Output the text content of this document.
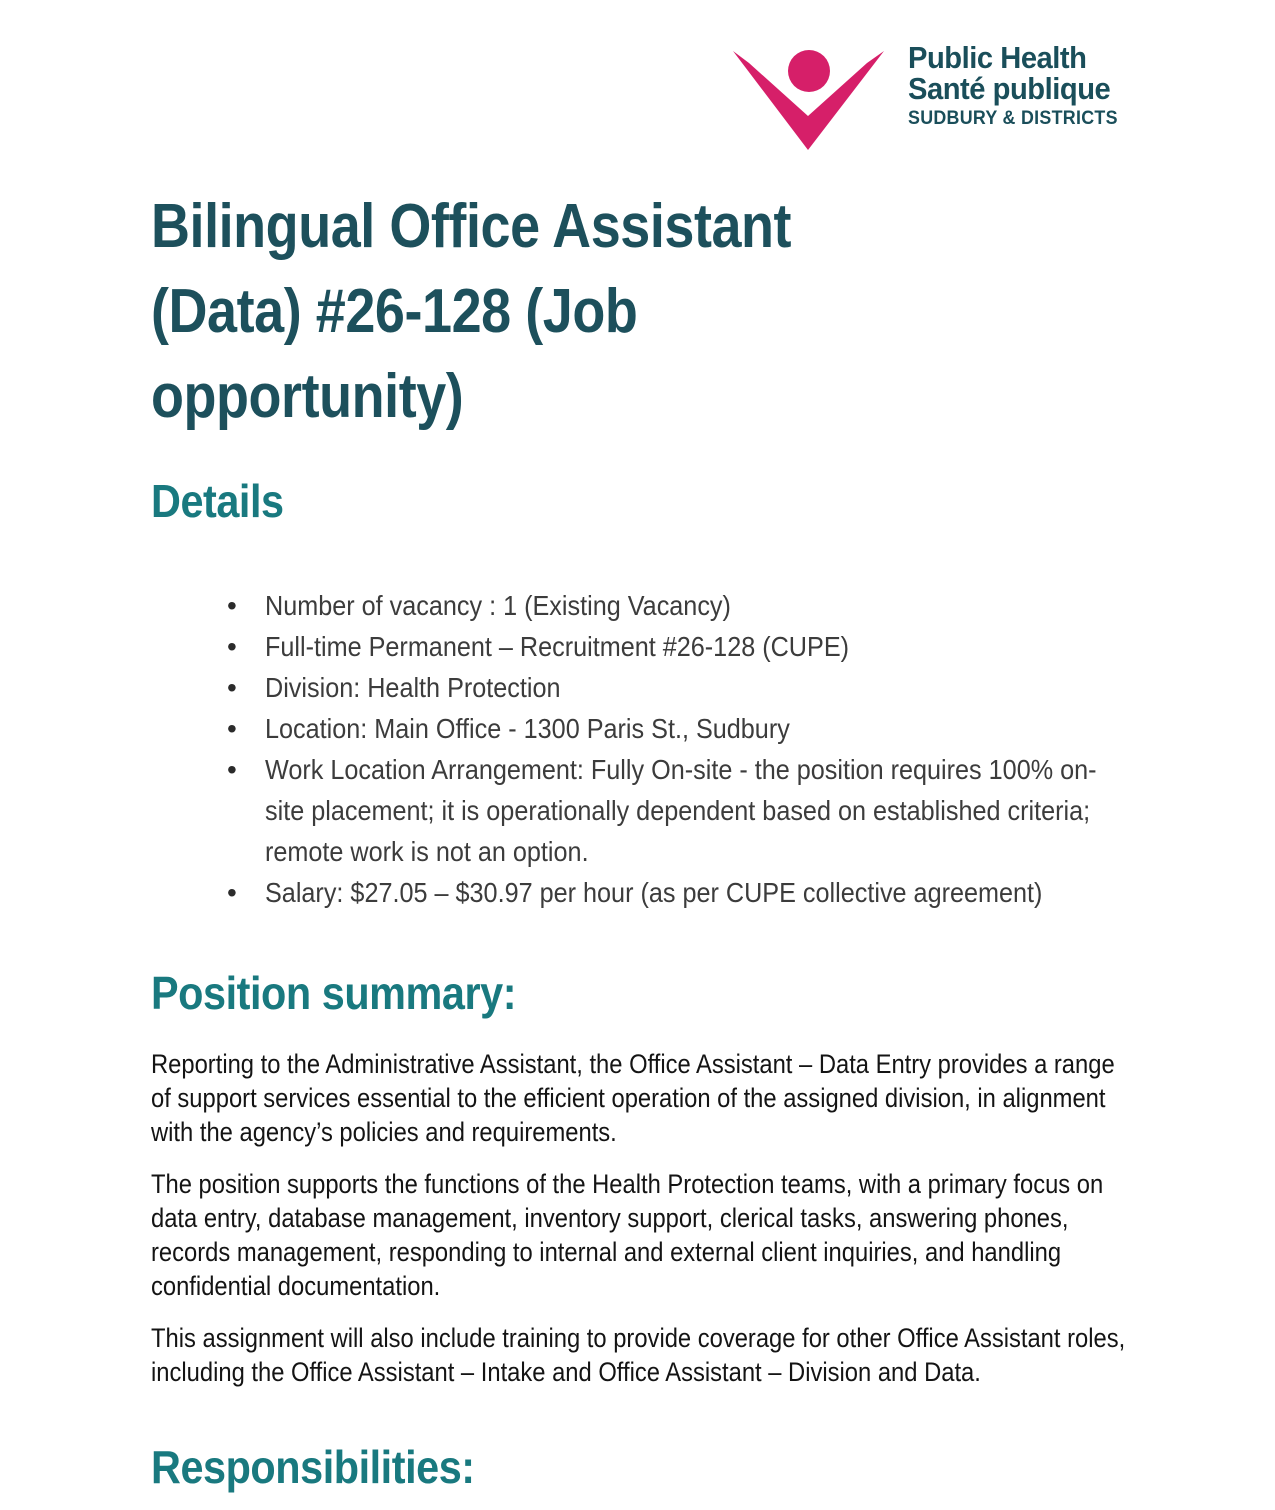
Public Health
Santé publique
SUDBURY & DISTRICTS
Bilingual Office Assistant
(Data) #26-128 (Job
opportunity)
Details
• Number of vacancy : 1 (Existing Vacancy)
• Full-time Permanent – Recruitment #26-128 (CUPE)
• Division: Health Protection
• Location: Main Office - 1300 Paris St., Sudbury
• Work Location Arrangement: Fully On-site - the position requires 100% on-site placement; it is operationally dependent based on established criteria; remote work is not an option.
• Salary: $27.05 – $30.97 per hour (as per CUPE collective agreement)
Position summary:

Reporting to the Administrative Assistant, the Office Assistant – Data Entry provides a range of support services essential to the efficient operation of the assigned division, in alignment with the agency’s policies and requirements.

The position supports the functions of the Health Protection teams, with a primary focus on data entry, database management, inventory support, clerical tasks, answering phones, records management, responding to internal and external client inquiries, and handling confidential documentation.

This assignment will also include training to provide coverage for other Office Assistant roles, including the Office Assistant – Intake and Office Assistant – Division and Data.

Responsibilities:
